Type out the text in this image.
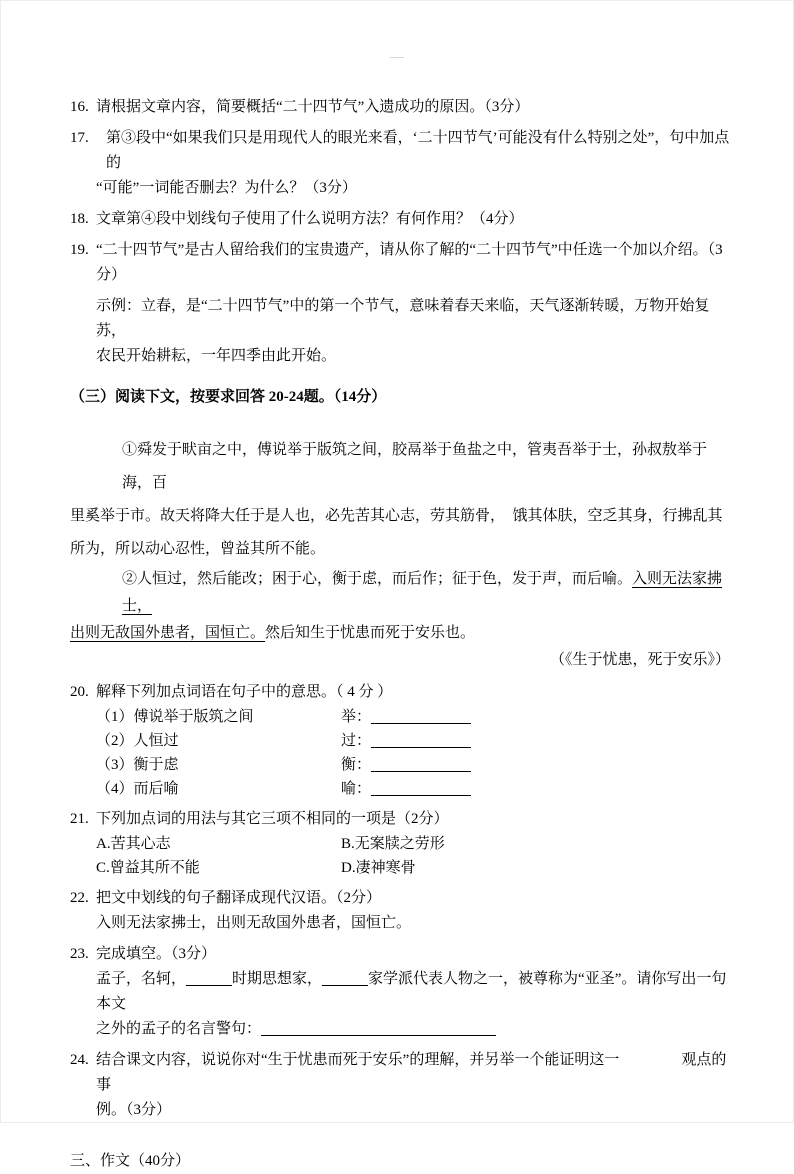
16. 请根据文章内容，简要概括“二十四节气”入遗成功的原因。（3分）
17.	第③段中“如果我们只是用现代人的眼光来看，‘二十四节气’可能没有什么特别之处”，句中加点的
“可能”一词能否删去？为什么？（3分）
18. 文章第④段中划线句子使用了什么说明方法？有何作用？（4分）
19. “二十四节气”是古人留给我们的宝贵遗产，请从你了解的“二十四节气”中任选一个加以介绍。（3
分）
示例：立春，是“二十四节气”中的第一个节气，意味着春天来临，天气逐渐转暖，万物开始复苏，
农民开始耕耘，一年四季由此开始。
（三）阅读下文，按要求回答 20-24题。（14分）
①舜发于畎亩之中，傅说举于版筑之间，胶鬲举于鱼盐之中，管夷吾举于士，孙叔敖举于海，百
里奚举于市。故天将降大任于是人也，必先苦其心志，劳其筋骨，　饿其体肤，空乏其身，行拂乱其
所为，所以动心忍性，曾益其所不能。
②人恒过，然后能改；困于心，衡于虑，而后作；征于色，发于声，而后喻。入则无法家拂士，
出则无敌国外患者，国恒亡。然后知生于忧患而死于安乐也。
（《生于忧患，死于安乐》）
20. 解释下列加点词语在句子中的意思。（ 4 分 ）
（1）傅说举于版筑之间	举：
（2）人恒过	过：
（3）衡于虑	衡：
（4）而后喻	喻：
21. 下列加点词的用法与其它三项不相同的一项是（2分）
A.苦其心志	B.无案牍之劳形
C.曾益其所不能	D.凄神寒骨
22. 把文中划线的句子翻译成现代汉语。（2分）
入则无法家拂士，出则无敌国外患者，国恒亡。
23. 完成填空。（3分）
孟子，名轲，	时期思想家，	家学派代表人物之一，被尊称为“亚圣”。请你写出一句本文
之外的孟子的名言警句：
24. 结合课文内容，说说你对“生于忧患而死于安乐”的理解，并另举一个能证明这一	观点的事
例。（3分）
三、作文（40分）
